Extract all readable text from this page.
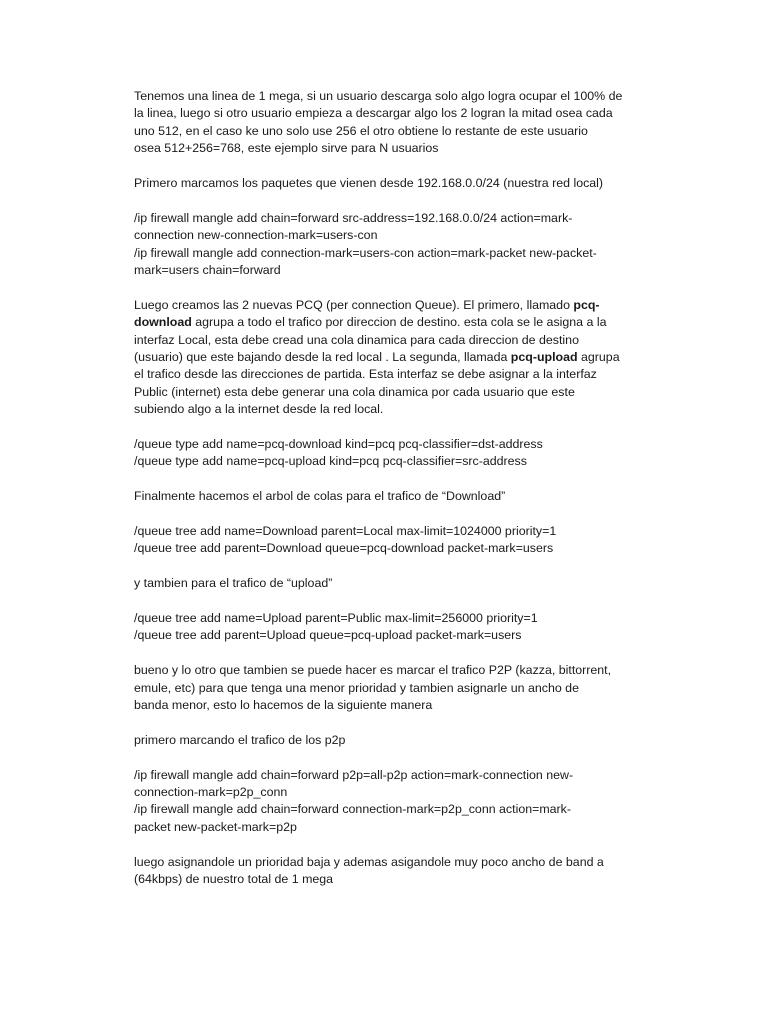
Tenemos una linea de 1 mega, si un usuario descarga solo algo logra ocupar el 100% de
la linea, luego si otro usuario empieza a descargar algo los 2 logran la mitad osea cada
uno 512, en el caso ke uno solo use 256 el otro obtiene lo restante de este usuario
osea 512+256=768, este ejemplo sirve para N usuarios

Primero marcamos los paquetes que vienen desde 192.168.0.0/24 (nuestra red local)

/ip firewall mangle add chain=forward src-address=192.168.0.0/24 action=mark-
connection new-connection-mark=users-con
/ip firewall mangle add connection-mark=users-con action=mark-packet new-packet-
mark=users chain=forward

Luego creamos las 2 nuevas PCQ (per connection Queue). El primero, llamado pcq-
download agrupa a todo el trafico por direccion de destino. esta cola se le asigna a la
interfaz Local, esta debe cread una cola dinamica para cada direccion de destino
(usuario) que este bajando desde la red local . La segunda, llamada pcq-upload agrupa
el trafico desde las direcciones de partida. Esta interfaz se debe asignar a la interfaz
Public (internet) esta debe generar una cola dinamica por cada usuario que este
subiendo algo a la internet desde la red local.

/queue type add name=pcq-download kind=pcq pcq-classifier=dst-address
/queue type add name=pcq-upload kind=pcq pcq-classifier=src-address

Finalmente hacemos el arbol de colas para el trafico de “Download”

/queue tree add name=Download parent=Local max-limit=1024000 priority=1
/queue tree add parent=Download queue=pcq-download packet-mark=users

y tambien para el trafico de “upload”

/queue tree add name=Upload parent=Public max-limit=256000 priority=1
/queue tree add parent=Upload queue=pcq-upload packet-mark=users

bueno y lo otro que tambien se puede hacer es marcar el trafico P2P (kazza, bittorrent,
emule, etc) para que tenga una menor prioridad y tambien asignarle un ancho de
banda menor, esto lo hacemos de la siguiente manera

primero marcando el trafico de los p2p

/ip firewall mangle add chain=forward p2p=all-p2p action=mark-connection new-
connection-mark=p2p_conn
/ip firewall mangle add chain=forward connection-mark=p2p_conn action=mark-
packet new-packet-mark=p2p

luego asignandole un prioridad baja y ademas asigandole muy poco ancho de band a
(64kbps) de nuestro total de 1 mega
